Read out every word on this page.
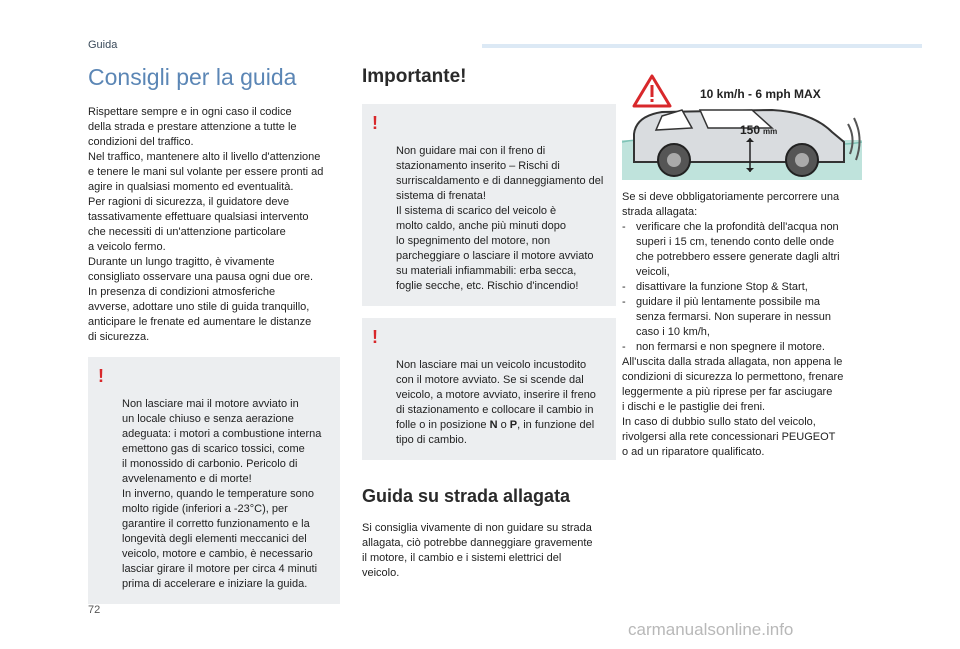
Guida
Consigli per la guida

Rispettare sempre e in ogni caso il codice
della strada e prestare attenzione a tutte le
condizioni del traffico.
Nel traffico, mantenere alto il livello d'attenzione
e tenere le mani sul volante per essere pronti ad
agire in qualsiasi momento ed eventualità.
Per ragioni di sicurezza, il guidatore deve
tassativamente effettuare qualsiasi intervento
che necessiti di un'attenzione particolare
a veicolo fermo.
Durante un lungo tragitto, è vivamente
consigliato osservare una pausa ogni due ore.
In presenza di condizioni atmosferiche
avverse, adottare uno stile di guida tranquillo,
anticipare le frenate ed aumentare le distanze
di sicurezza.

!

Non lasciare mai il motore avviato in
un locale chiuso e senza aerazione
adeguata: i motori a combustione interna
emettono gas di scarico tossici, come
il monossido di carbonio. Pericolo di
avvelenamento e di morte!
In inverno, quando le temperature sono
molto rigide (inferiori a -23°C), per
garantire il corretto funzionamento e la
longevità degli elementi meccanici del
veicolo, motore e cambio, è necessario
lasciar girare il motore per circa 4 minuti
prima di accelerare e iniziare la guida.

Importante!

!

Non guidare mai con il freno di
stazionamento inserito – Rischi di
surriscaldamento e di danneggiamento del
sistema di frenata!
Il sistema di scarico del veicolo è
molto caldo, anche più minuti dopo
lo spegnimento del motore, non
parcheggiare o lasciare il motore avviato
su materiali infiammabili: erba secca,
foglie secche, etc. Rischio d'incendio!

!

Non lasciare mai un veicolo incustodito
con il motore avviato. Se si scende dal
veicolo, a motore avviato, inserire il freno
di stazionamento e collocare il cambio in
folle o in posizione N o P, in funzione del
tipo di cambio.

Guida su strada allagata

Si consiglia vivamente di non guidare su strada
allagata, ciò potrebbe danneggiare gravemente
il motore, il cambio e i sistemi elettrici del
veicolo.

10 km/h - 6 mph MAX
150 mm

Se si deve obbligatoriamente percorrere una
strada allagata:

- verificare che la profondità dell'acqua non
superi i 15 cm, tenendo conto delle onde
che potrebbero essere generate dagli altri
veicoli,
- disattivare la funzione Stop & Start,
- guidare il più lentamente possibile ma
senza fermarsi. Non superare in nessun
caso i 10 km/h,
- non fermarsi e non spegnere il motore.

All'uscita dalla strada allagata, non appena le
condizioni di sicurezza lo permettono, frenare
leggermente a più riprese per far asciugare
i dischi e le pastiglie dei freni.
In caso di dubbio sullo stato del veicolo,
rivolgersi alla rete concessionari PEUGEOT
o ad un riparatore qualificato.

72
carmanualsonline.info
